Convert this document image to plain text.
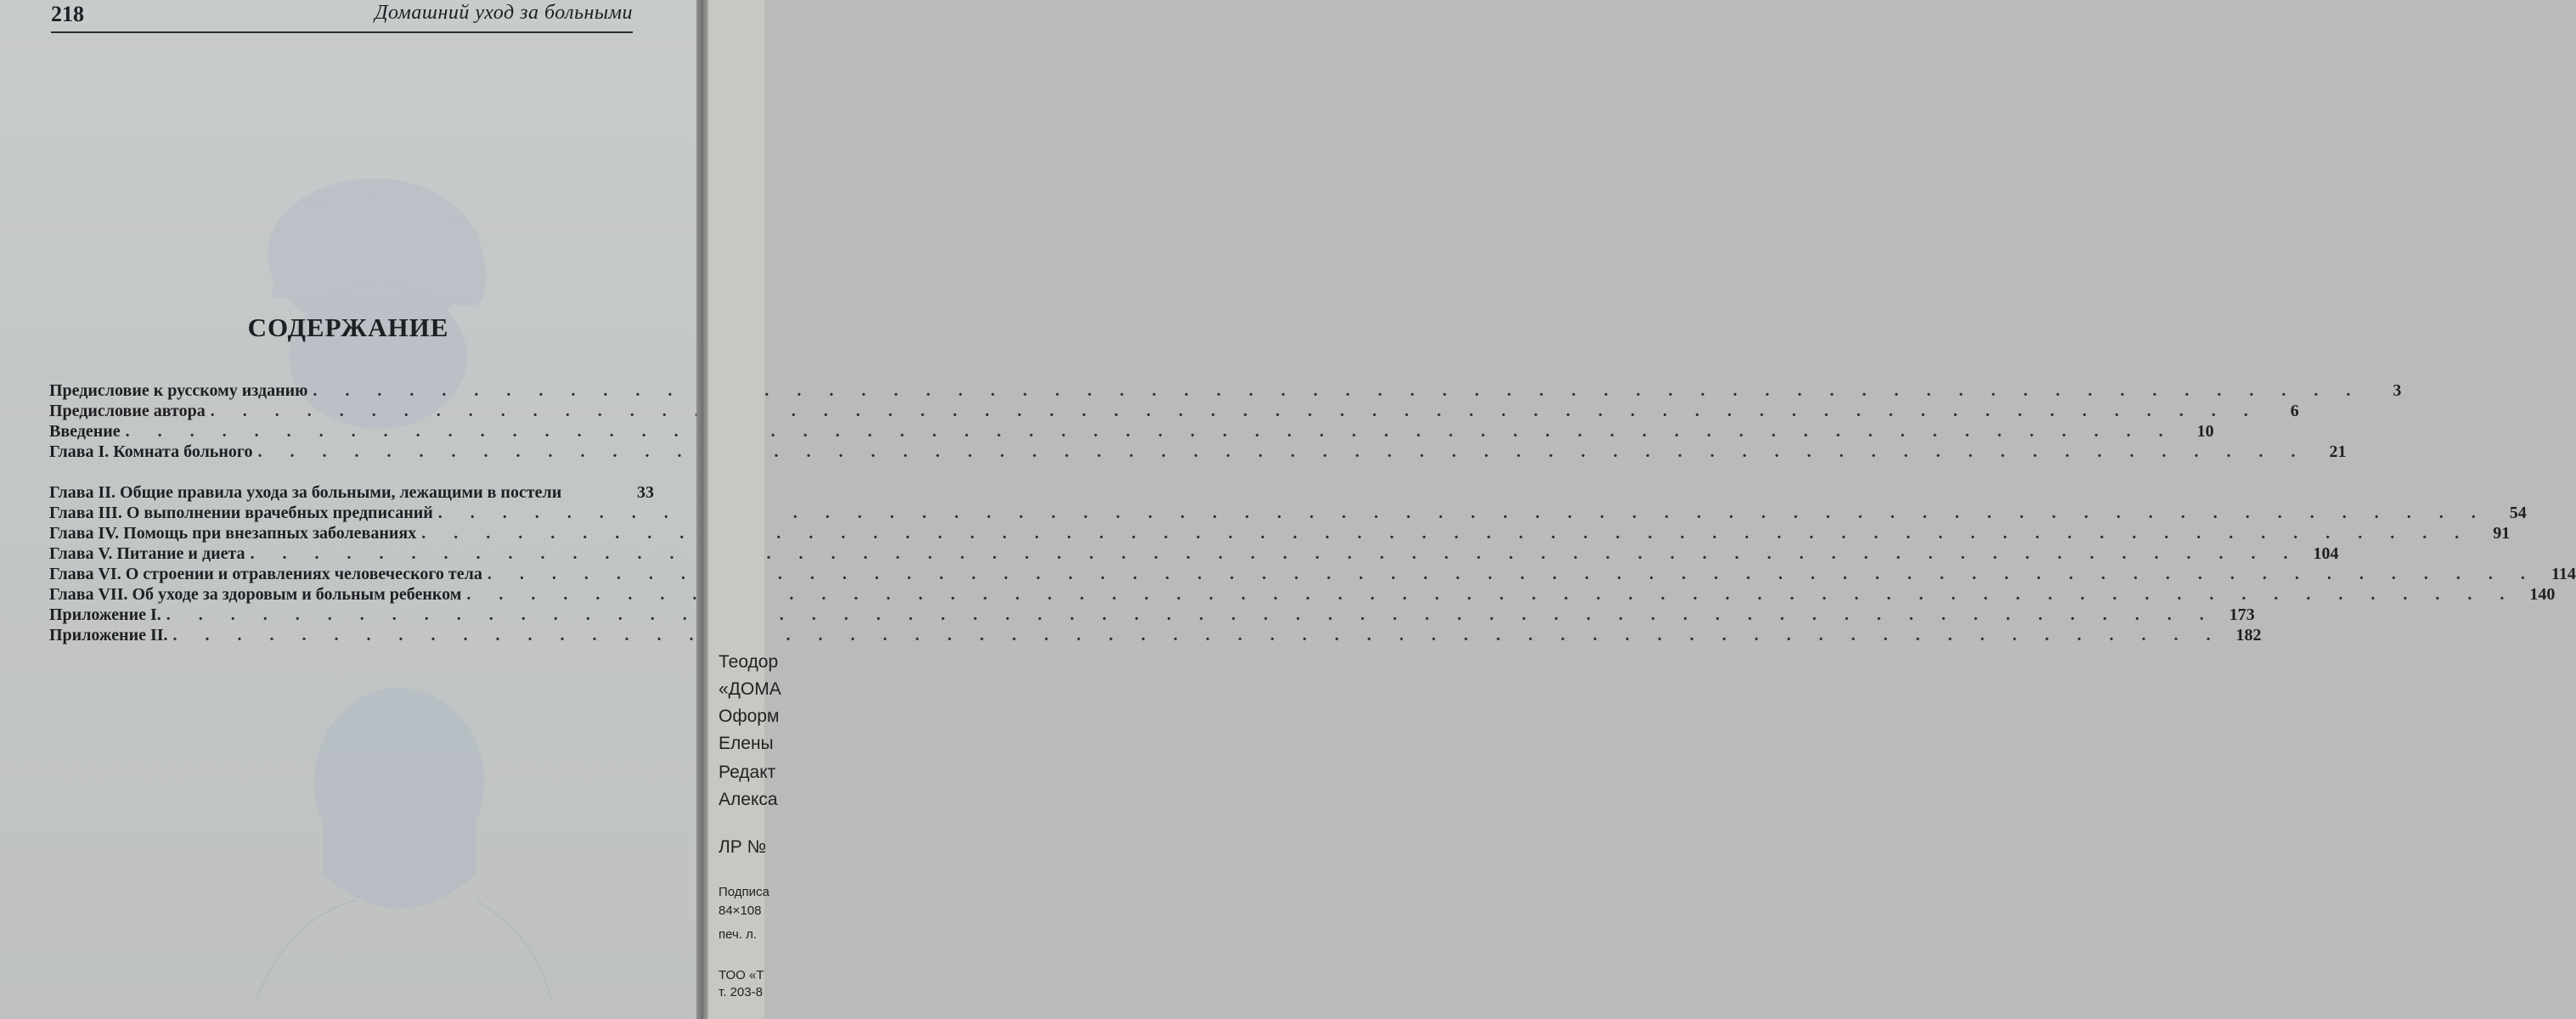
218	Домашний уход за больными
СОДЕРЖАНИЕ
Предисловие к русскому изданию . . .	3
Предисловие автора . . .	6
Введение . . .	10
Глава I. Комната больного . . .	21
Глава II. Общие правила ухода за больными, лежащими в постели	33
Глава III. О выполнении врачебных предписаний . . .	54
Глава IV. Помощь при внезапных заболеваниях . . .	91
Глава V. Питание и диета . . .	104
Глава VI. О строении и отравлениях человеческого тела . . .	114
Глава VII. Об уходе за здоровым и больным ребенком . . .	140
Приложение I. . . .	173
Приложение II. . . .	182
Теодор
«ДОМА
Оформ
Елены
Редакт
Алекса
ЛР №
Подписа
84×108
печ. л.
ТОО «Т
т. 203-8
